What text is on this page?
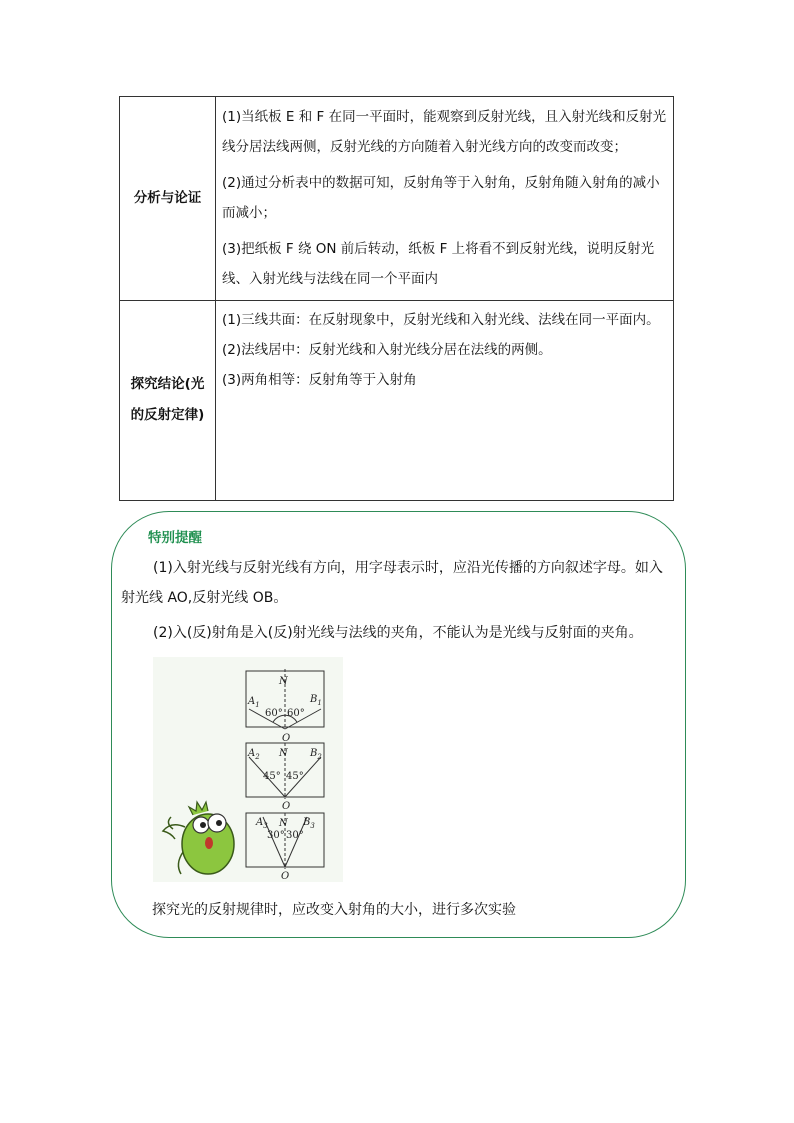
分析与论证	(1)当纸板 E 和 F 在同一平面时，能观察到反射光线，且入射光线和反射光线分居法线两侧，反射光线的方向随着入射光线方向的改变而改变；

(2)通过分析表中的数据可知，反射角等于入射角，反射角随入射角的减小而减小；

(3)把纸板 F 绕 ON 前后转动，纸板 F 上将看不到反射光线，说明反射光线、入射光线与法线在同一个平面内

探究结论(光的反射定律)	(1)三线共面：在反射现象中，反射光线和入射光线、法线在同一平面内。

(2)法线居中：反射光线和入射光线分居在法线的两侧。

(3)两角相等：反射角等于入射角

特别提醒
(1)入射光线与反射光线有方向，用字母表示时，应沿光传播的方向叙述字母。如入射光线 AO,反射光线 OB。
(2)入(反)射角是入(反)射光线与法线的夹角，不能认为是光线与反射面的夹角。
N
$A_1$	$B_1$
60° 60°
O
N
$A_2$	$B_2$
45° 45°
O
N
$A_3$	$B_3$
30° 30°
O
探究光的反射规律时，应改变入射角的大小，进行多次实验
